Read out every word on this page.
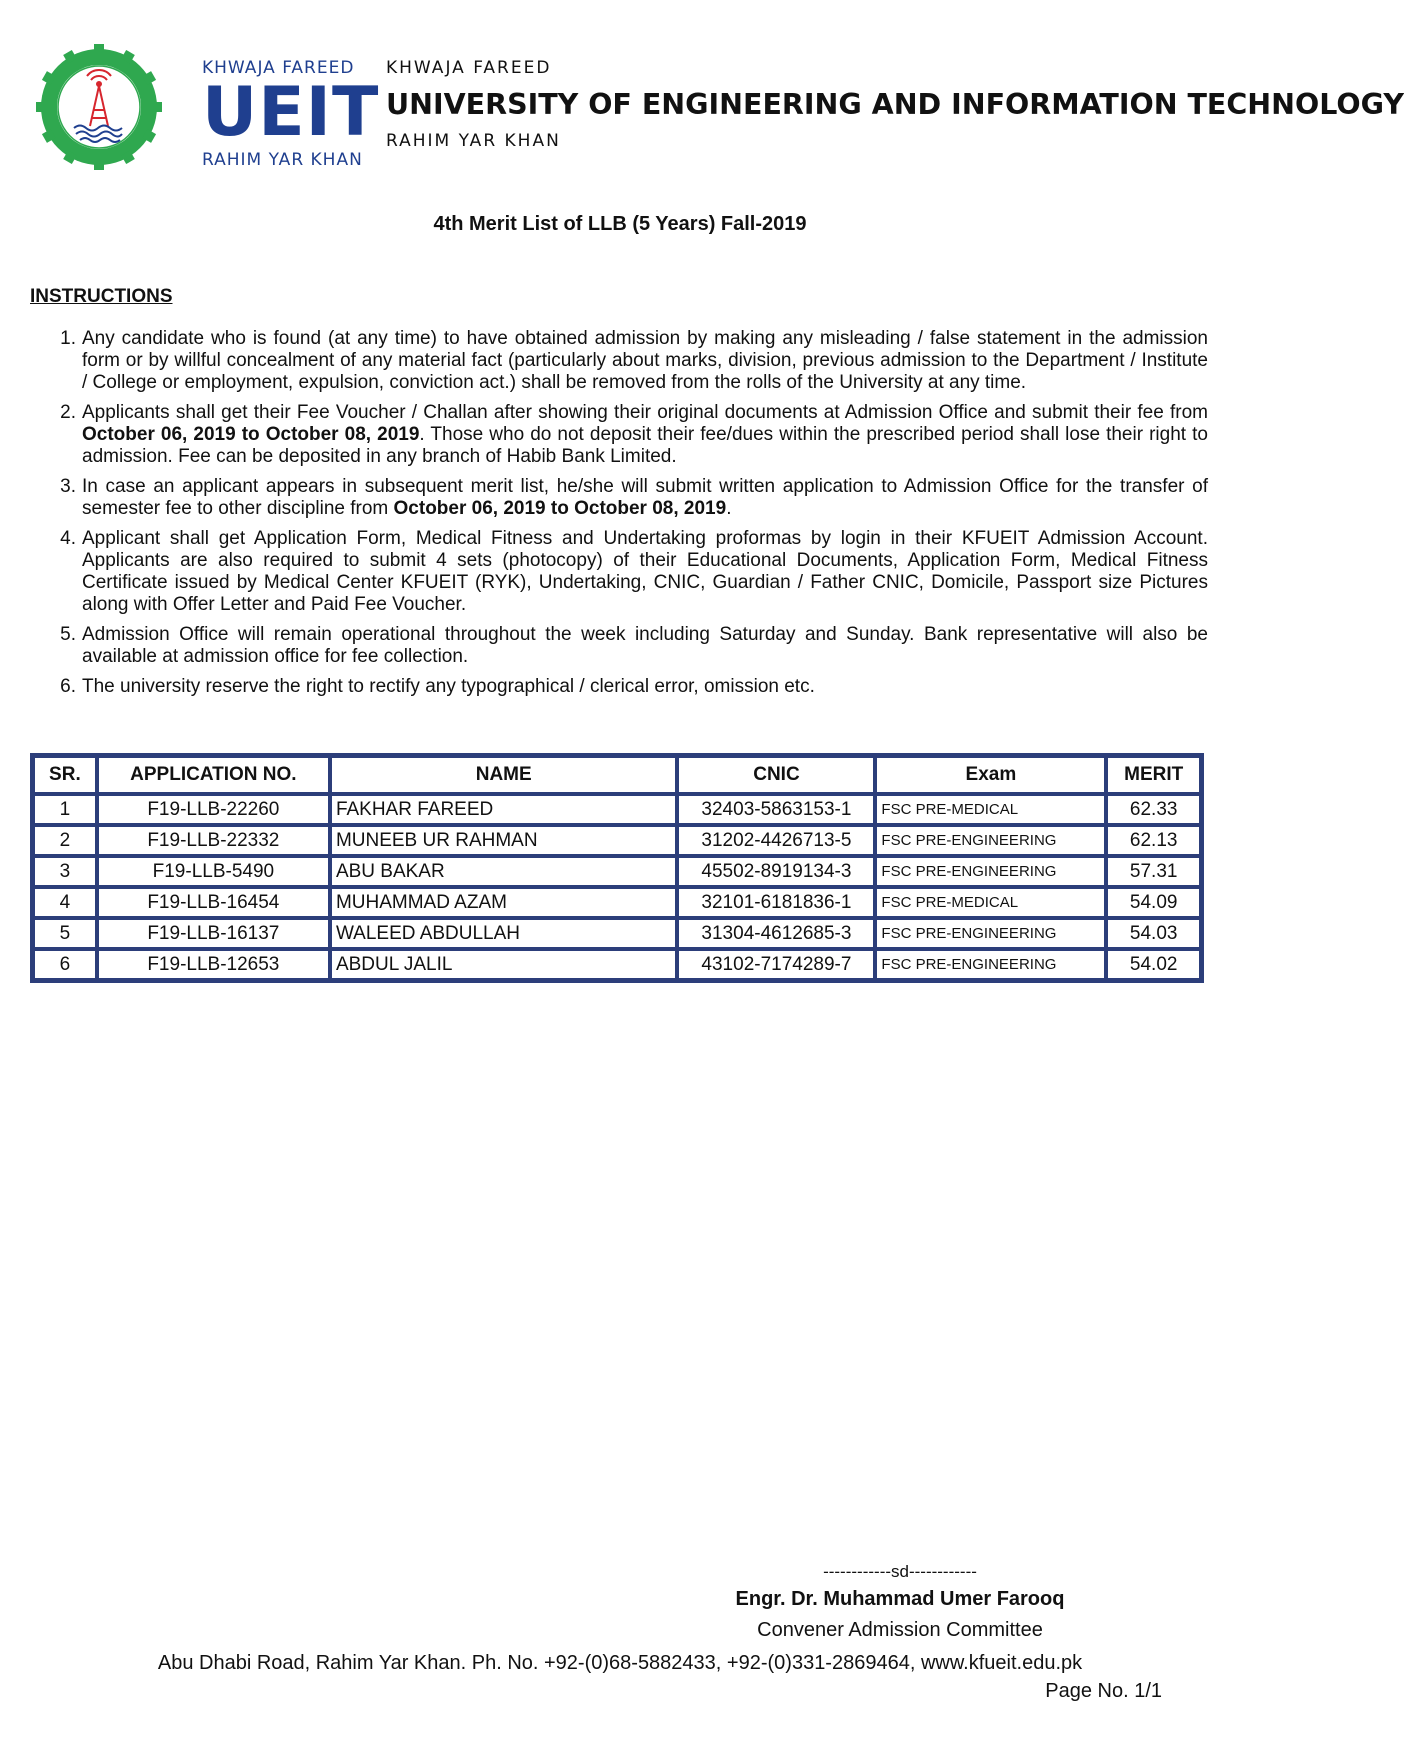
KHWAJA FAREED
UEIT
RAHIM YAR KHAN
KHWAJA FAREED
UNIVERSITY OF ENGINEERING AND INFORMATION TECHNOLOGY
RAHIM YAR KHAN
4th Merit List of LLB (5 Years) Fall-2019
INSTRUCTIONS
1. Any candidate who is found (at any time) to have obtained admission by making any misleading / false statement in the admission form or by willful concealment of any material fact (particularly about marks, division, previous admission to the Department / Institute / College or employment, expulsion, conviction act.) shall be removed from the rolls of the University at any time.
2. Applicants shall get their Fee Voucher / Challan after showing their original documents at Admission Office and submit their fee from October 06, 2019 to October 08, 2019. Those who do not deposit their fee/dues within the prescribed period shall lose their right to admission. Fee can be deposited in any branch of Habib Bank Limited.
3. In case an applicant appears in subsequent merit list, he/she will submit written application to Admission Office for the transfer of semester fee to other discipline from October 06, 2019 to October 08, 2019.
4. Applicant shall get Application Form, Medical Fitness and Undertaking proformas by login in their KFUEIT Admission Account. Applicants are also required to submit 4 sets (photocopy) of their Educational Documents, Application Form, Medical Fitness Certificate issued by Medical Center KFUEIT (RYK), Undertaking, CNIC, Guardian / Father CNIC, Domicile, Passport size Pictures along with Offer Letter and Paid Fee Voucher.
5. Admission Office will remain operational throughout the week including Saturday and Sunday. Bank representative will also be available at admission office for fee collection.
6. The university reserve the right to rectify any typographical / clerical error, omission etc.
SR.	APPLICATION NO.	NAME	CNIC	Exam	MERIT
1	F19-LLB-22260	FAKHAR FAREED	32403-5863153-1	FSC PRE-MEDICAL	62.33
2	F19-LLB-22332	MUNEEB UR RAHMAN	31202-4426713-5	FSC PRE-ENGINEERING	62.13
3	F19-LLB-5490	ABU BAKAR	45502-8919134-3	FSC PRE-ENGINEERING	57.31
4	F19-LLB-16454	MUHAMMAD AZAM	32101-6181836-1	FSC PRE-MEDICAL	54.09
5	F19-LLB-16137	WALEED ABDULLAH	31304-4612685-3	FSC PRE-ENGINEERING	54.03
6	F19-LLB-12653	ABDUL JALIL	43102-7174289-7	FSC PRE-ENGINEERING	54.02
------------sd------------
Engr. Dr. Muhammad Umer Farooq
Convener Admission Committee
Abu Dhabi Road, Rahim Yar Khan. Ph. No. +92-(0)68-5882433, +92-(0)331-2869464, www.kfueit.edu.pk
Page No. 1/1
